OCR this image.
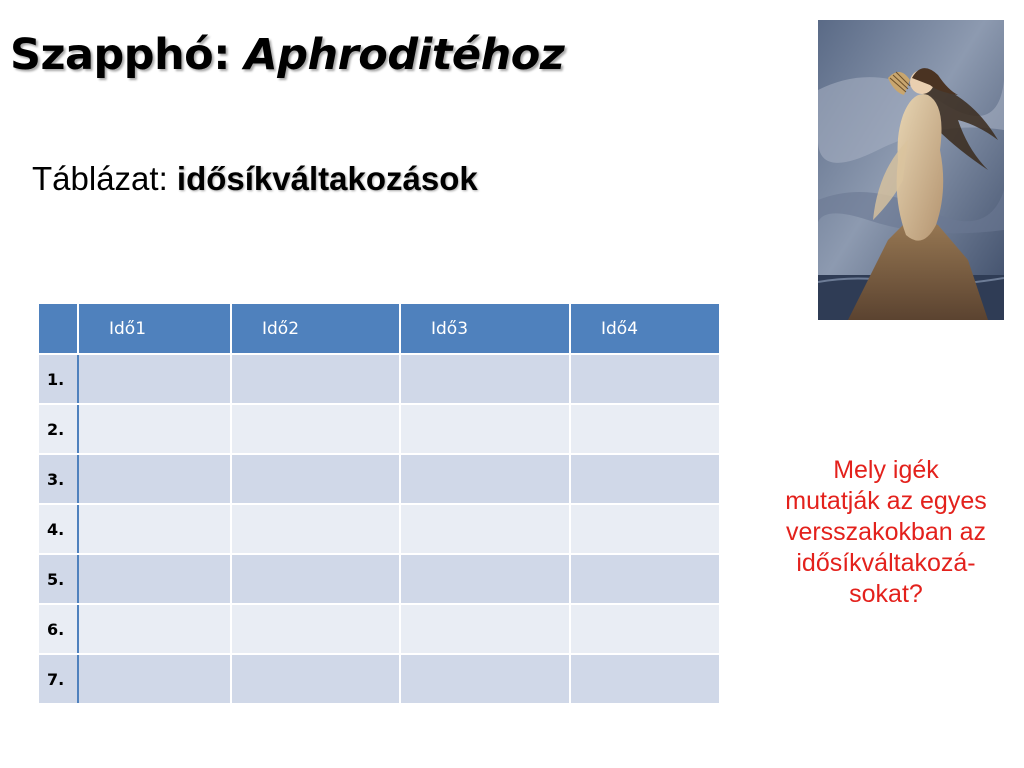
Szapphó: Aphroditéhoz
Táblázat: idősíkváltakozások
	Idő1	Idő2	Idő3	Idő4
1.				
2.				
3.				
4.				
5.				
6.				
7.				
Mely igék
mutatják az egyes
versszakokban az
idősíkváltakozá-
sokat?
